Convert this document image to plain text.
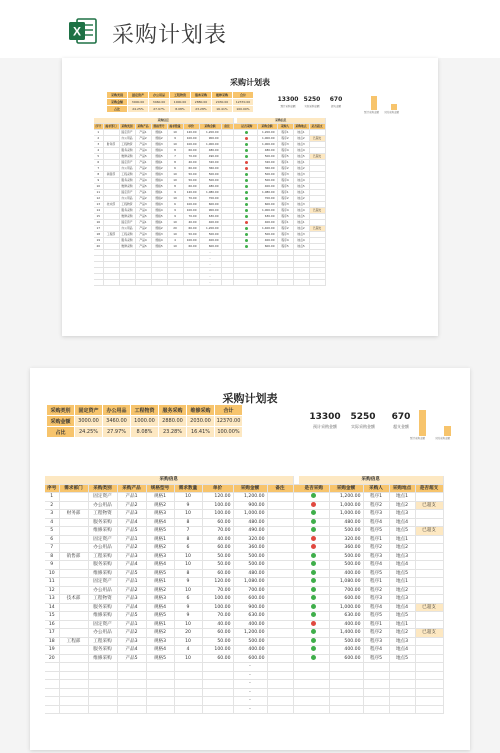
X 采购计划表
采购计划表
采购类别	固定资产	办公用品	工程物资	服务采购	维修采购	合计
采购金额	3000.00	3460.00	1000.00	2880.00	2030.00	12370.00
占比	24.25%	27.97%	8.08%	23.28%	16.41%	100.00%
13300
预计采购金额
5250
实际采购金额
670
超支金额
预计采购金额 实际采购金额
采购信息										采购信息				
序号	需求部门	采购类别	采购产品	规格型号	需求数量	单价	采购金额	备注		是否采购	采购金额	采购人	采购地点	是否超支
1		固定资产	产品1	规格1	10	120.00	1,200.00				1,200.00	程序1	地点1	
2		办公用品	产品2	规格2	9	100.00	900.00				1,000.00	程序2	地点2	已超支
3	财务部	工程物资	产品3	规格3	10	100.00	1,000.00				1,000.00	程序3	地点3	
4		服务采购	产品4	规格4	8	60.00	480.00				480.00	程序4	地点4	
5		维修采购	产品5	规格5	7	70.00	490.00				500.00	程序5	地点5	已超支
6		固定资产	产品1	规格1	8	40.00	320.00				320.00	程序1	地点1	
7		办公用品	产品2	规格2	6	60.00	360.00				360.00	程序2	地点2	
8	销售部	工程采购	产品3	规格3	10	50.00	500.00				500.00	程序3	地点3	
9		服务采购	产品4	规格4	10	50.00	500.00				500.00	程序4	地点4	
10		维修采购	产品5	规格5	8	60.00	480.00				400.00	程序5	地点5	
11		固定资产	产品1	规格1	9	120.00	1,080.00				1,080.00	程序1	地点1	
12		办公用品	产品2	规格2	10	70.00	700.00				700.00	程序2	地点2	
13	技术部	工程物资	产品3	规格3	6	100.00	600.00				600.00	程序3	地点3	
14		服务采购	产品4	规格4	9	100.00	900.00				1,000.00	程序4	地点4	已超支
15		维修采购	产品5	规格5	9	70.00	630.00				630.00	程序5	地点5	
16		固定资产	产品1	规格1	10	40.00	400.00				400.00	程序1	地点1	
17		办公用品	产品2	规格2	20	60.00	1,200.00				1,400.00	程序2	地点2	已超支
18	工程部	工程采购	产品3	规格3	10	50.00	500.00				500.00	程序3	地点3	
19		服务采购	产品4	规格4	4	100.00	400.00				400.00	程序4	地点4	
20		维修采购	产品5	规格5	10	60.00	600.00				600.00	程序5	地点5	
							-							
							-							
							-							
							-							
							-							
							-							
采购计划表
采购类别	固定资产	办公用品	工程物资	服务采购	维修采购	合计
采购金额	3000.00	3460.00	1000.00	2880.00	2030.00	12370.00
占比	24.25%	27.97%	8.08%	23.28%	16.41%	100.00%
13300
预计采购金额
5250
实际采购金额
670
超支金额
预计采购金额	实际采购金额
采购信息										采购信息				
序号	需求部门	采购类别	采购产品	规格型号	需求数量	单价	采购金额	备注		是否采购	采购金额	采购人	采购地点	是否超支
1		固定资产	产品1	规格1	10	120.00	1,200.00				1,200.00	程序1	地点1	
2		办公用品	产品2	规格2	9	100.00	900.00				1,000.00	程序2	地点2	已超支
3	财务部	工程物资	产品3	规格3	10	100.00	1,000.00				1,000.00	程序3	地点3	
4		服务采购	产品4	规格4	8	60.00	480.00				480.00	程序4	地点4	
5		维修采购	产品5	规格5	7	70.00	490.00				500.00	程序5	地点5	已超支
6		固定资产	产品1	规格1	8	40.00	320.00				320.00	程序1	地点1	
7		办公用品	产品2	规格2	6	60.00	360.00				360.00	程序2	地点2	
8	销售部	工程采购	产品3	规格3	10	50.00	500.00				500.00	程序3	地点3	
9		服务采购	产品4	规格4	10	50.00	500.00				500.00	程序4	地点4	
10		维修采购	产品5	规格5	8	60.00	480.00				400.00	程序5	地点5	
11		固定资产	产品1	规格1	9	120.00	1,080.00				1,080.00	程序1	地点1	
12		办公用品	产品2	规格2	10	70.00	700.00				700.00	程序2	地点2	
13	技术部	工程物资	产品3	规格3	6	100.00	600.00				600.00	程序3	地点3	
14		服务采购	产品4	规格4	9	100.00	900.00				1,000.00	程序4	地点4	已超支
15		维修采购	产品5	规格5	9	70.00	630.00				630.00	程序5	地点5	
16		固定资产	产品1	规格1	10	40.00	400.00				400.00	程序1	地点1	
17		办公用品	产品2	规格2	20	60.00	1,200.00				1,400.00	程序2	地点2	已超支
18	工程部	工程采购	产品3	规格3	10	50.00	500.00				500.00	程序3	地点3	
19		服务采购	产品4	规格4	4	100.00	400.00				400.00	程序4	地点4	
20		维修采购	产品5	规格5	10	60.00	600.00				600.00	程序5	地点5	
							-							
							-							
							-							
							-							
							-							
							-							
